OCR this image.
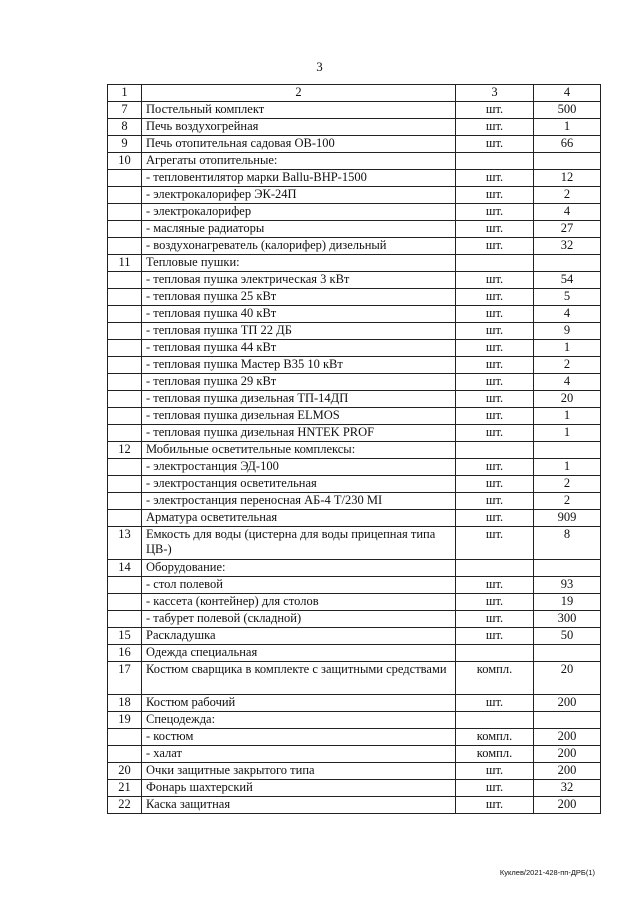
3
1	2	3	4
7	Постельный комплект	шт.	500
8	Печь воздухогрейная	шт.	1
9	Печь отопительная садовая ОВ-100	шт.	66
10	Агрегаты отопительные:		
	- тепловентилятор марки Ballu-BHP-1500	шт.	12
	- электрокалорифер ЭК-24П	шт.	2
	- электрокалорифер	шт.	4
	- масляные радиаторы	шт.	27
	- воздухонагреватель (калорифер) дизельный	шт.	32
11	Тепловые пушки:		
	- тепловая пушка электрическая 3 кВт	шт.	54
	- тепловая пушка 25 кВт	шт.	5
	- тепловая пушка 40 кВт	шт.	4
	- тепловая пушка ТП 22 ДБ	шт.	9
	- тепловая пушка 44 кВт	шт.	1
	- тепловая пушка Мастер В35 10 кВт	шт.	2
	- тепловая пушка 29 кВт	шт.	4
	- тепловая пушка дизельная ТП-14ДП	шт.	20
	- тепловая пушка дизельная ELMOS	шт.	1
	- тепловая пушка дизельная HNTEK PROF	шт.	1
12	Мобильные осветительные комплексы:		
	- электростанция ЭД-100	шт.	1
	- электростанция осветительная	шт.	2
	- электростанция переносная АБ-4 Т/230 МI	шт.	2
	Арматура осветительная	шт.	909
13	Емкость для воды (цистерна для воды прицепная типа ЦВ-)	шт.	8
14	Оборудование:		
	- стол полевой	шт.	93
	- кассета (контейнер) для столов	шт.	19
	- табурет полевой (складной)	шт.	300
15	Раскладушка	шт.	50
16	Одежда специальная		
17	Костюм сварщика в комплекте с защитными средствами	компл.	20
18	Костюм рабочий	шт.	200
19	Спецодежда:		
	- костюм	компл.	200
	- халат	компл.	200
20	Очки защитные закрытого типа	шт.	200
21	Фонарь шахтерский	шт.	32
22	Каска защитная	шт.	200
Куклев/2021-428-пп-ДРБ(1)
